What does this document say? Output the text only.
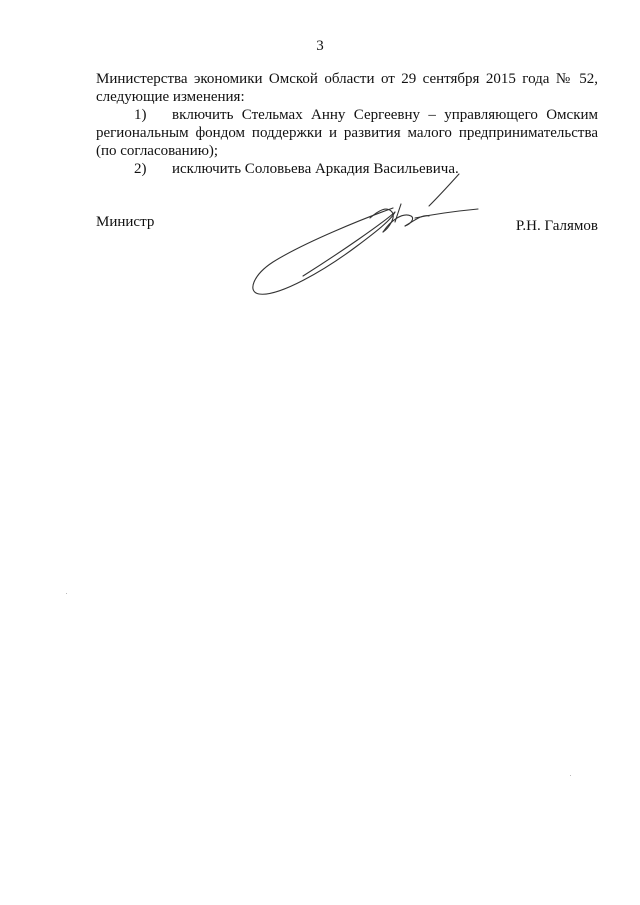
3
Министерства экономики Омской области от 29 сентября 2015 года № 52,
следующие изменения:
1) включить Стельмах Анну Сергеевну – управляющего Омским
региональным фондом поддержки и развития малого предпринимательства
(по согласованию);
2) исключить Соловьева Аркадия Васильевича.
Министр	Р.Н. Галямов
